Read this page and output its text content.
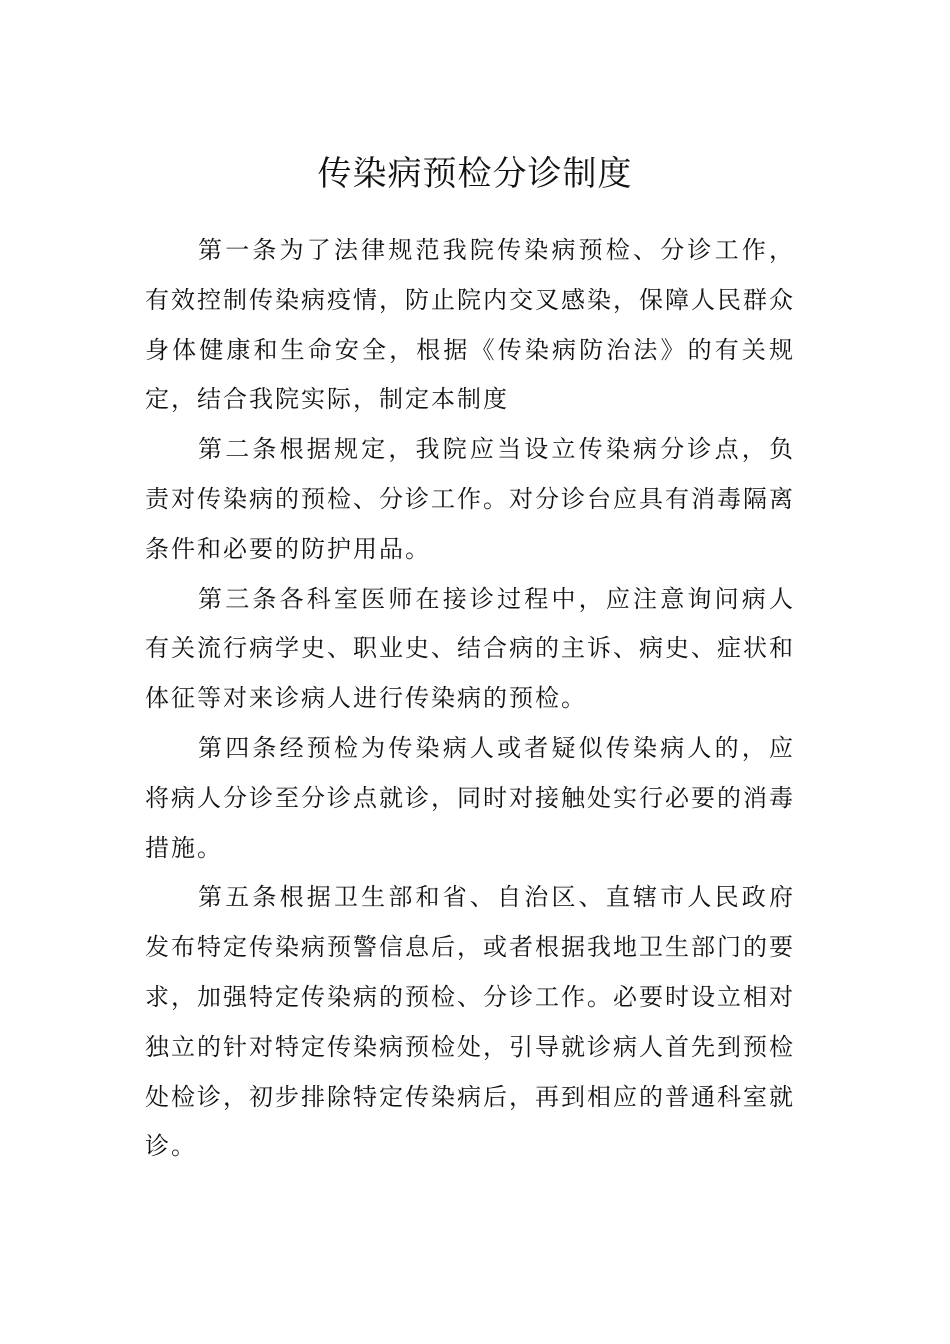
传染病预检分诊制度

第一条为了法律规范我院传染病预检、分诊工作，有效控制传染病疫情，防止院内交叉感染，保障人民群众身体健康和生命安全，根据《传染病防治法》的有关规定，结合我院实际，制定本制度

第二条根据规定，我院应当设立传染病分诊点，负责对传染病的预检、分诊工作。对分诊台应具有消毒隔离条件和必要的防护用品。

第三条各科室医师在接诊过程中，应注意询问病人有关流行病学史、职业史、结合病的主诉、病史、症状和体征等对来诊病人进行传染病的预检。

第四条经预检为传染病人或者疑似传染病人的，应将病人分诊至分诊点就诊，同时对接触处实行必要的消毒措施。

第五条根据卫生部和省、自治区、直辖市人民政府发布特定传染病预警信息后，或者根据我地卫生部门的要求，加强特定传染病的预检、分诊工作。必要时设立相对独立的针对特定传染病预检处，引导就诊病人首先到预检处检诊，初步排除特定传染病后，再到相应的普通科室就诊。
